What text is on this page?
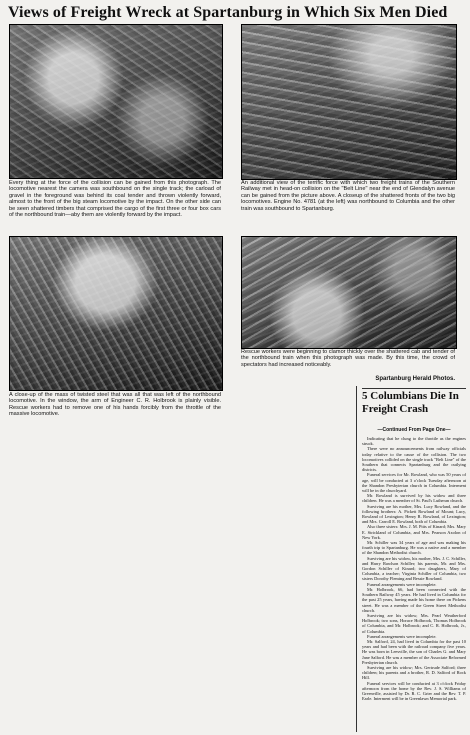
Views of Freight Wreck at Spartanburg in Which Six Men Died
Every thing at the force of the collision can be gained from this photograph. The locomotive nearest the camera was southbound on the single track; the carload of gravel in the foreground was behind its coal tender and thrown violently forward, almost to the front of the big steam locomotive by the impact. On the other side can be seen shattered timbers that comprised the cargo of the first three or four box cars of the northbound train—aby them are violently forward by the impact.
An additional view of the terrific force with which two freight trains of the Southern Railway met in head-on collision on the "Belt Line" near the end of Glendalyn avenue can be gained from the picture above. A closeup of the shattered fronts of the two big locomotives. Engine No. 4781 (at the left) was northbound to Columbia and the other train was southbound to Spartanburg.
A close-up of the mass of twisted steel that was all that was left of the northbound locomotive. In the window, the arm of Engineer C. R. Holbrook is plainly visible. Rescue workers had to remove one of his hands forcibly from the throttle of the massive locomotive.
Rescue workers were beginning to clamor thickly over the shattered cab and tender of the northbound train when this photograph was made. By this time, the crowd of spectators had increased noticeably.
Spartanburg Herald Photos.
5 Columbians Die In Freight Crash
—Continued From Page One—

Indicating that he clung to the throttle as the engines struck.

There were no announcements from railway officials today relative to the cause of the collision. The two locomotives collided on the single track "Belt Line" of the Southern that connects Spartanburg and the outlying districts.

Funeral services for Mr. Rowland, who was 50 years of age, will be conducted at 3 o'clock Tuesday afternoon at the Shandon Presbyterian church in Columbia. Interment will be in the churchyard.

Mr. Rowland is survived by his widow and three children. He was a member of St. Paul's Lutheran church.

Surviving are his mother, Mrs. Lucy Rowland, and the following brothers: A. Pickett Rowland of Mount; Lucy, Rowland of Lexington; Henry R. Rowland, of Lexington; and Mrs. Carroll E. Rowland, both of Columbia.

Also three sisters: Mrs. J. M. Pitts of Kinard; Mrs. Mary E. Strickland of Columbia, and Mrs. Pearson Axolon of New York.

Mr. Schiller was 34 years of age and was making his fourth trip to Spartanburg. He was a native and a member of the Shandon Methodist church.

Surviving are his widow, his mother, Mrs. J. C. Schiller, and Harry Rawlson Schiller; his parents, Mr. and Mrs. Gordon Schiller of Kinard; two daughters, Mary of Columbia, a teacher; Virginia Schiller of Columbia, two sisters Dorothy Fleming and Bessie Rowland.

Funeral arrangements were incomplete.

Mr. Holbrook, 66, had been connected with the Southern Railway 45 years. He had lived in Columbia for the past 25 years, having made his home there on Pickens street. He was a member of the Green Street Methodist church.

Surviving are his widow; Mrs. Pearl Weatherford Holbrook; two sons, Horace Holbrook, Thomas Holbrook of Columbia, and Mr. Holbrook; and C. R. Holbrook, Jr., of Columbia.

Funeral arrangements were incomplete.

Mr. Salford, 24, had lived in Columbia for the past 10 years and had been with the railroad company five years. He was born in Leesville, the son of Charles G. and Mary Jane Salford. He was a member of the Associate Reformed Presbyterian church.

Surviving are his widow; Mrs. Gertrude Salford; three children; his parents and a brother, R. D. Salford of Rock Hill.

Funeral services will be conducted at 3 o'clock Friday afternoon from the home by the Rev. J. S. Williams of Greenville, assisted by Dr. R. C. Grier and the Rev. T. P. Earle. Interment will be in Greenlawn Memorial park.
